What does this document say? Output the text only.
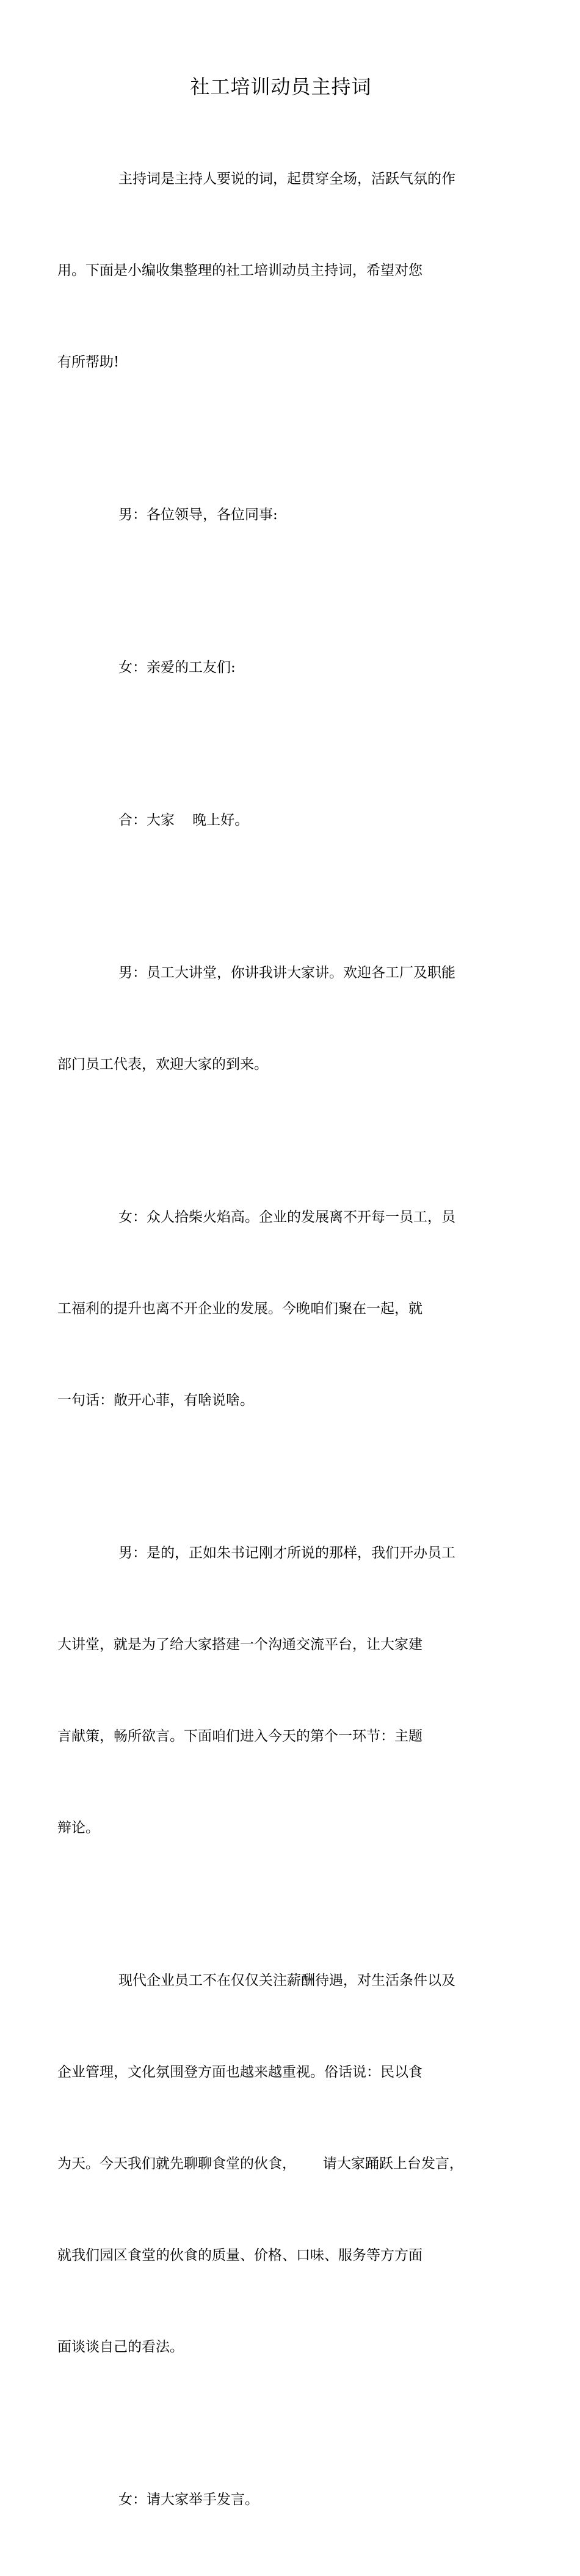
社工培训动员主持词

主持词是主持人要说的词，起贯穿全场，活跃气氛的作

用。下面是小编收集整理的社工培训动员主持词，希望对您

有所帮助!

男：各位领导，各位同事:

女：亲爱的工友们:

合：大家    晚上好。

男：员工大讲堂，你讲我讲大家讲。欢迎各工厂及职能

部门员工代表，欢迎大家的到来。

女：众人拾柴火焰高。企业的发展离不开每一员工，员

工福利的提升也离不开企业的发展。今晚咱们聚在一起，就

一句话：敞开心菲，有啥说啥。

男：是的，正如朱书记刚才所说的那样，我们开办员工

大讲堂，就是为了给大家搭建一个沟通交流平台，让大家建

言献策，畅所欲言。下面咱们进入今天的第个一环节：主题

辩论。

现代企业员工不在仅仅关注薪酬待遇，对生活条件以及

企业管理，文化氛围登方面也越来越重视。俗话说：民以食

为天。今天我们就先聊聊食堂的伙食，      请大家踊跃上台发言，

就我们园区食堂的伙食的质量、价格、口味、服务等方方面

面谈谈自己的看法。

女：请大家举手发言。
